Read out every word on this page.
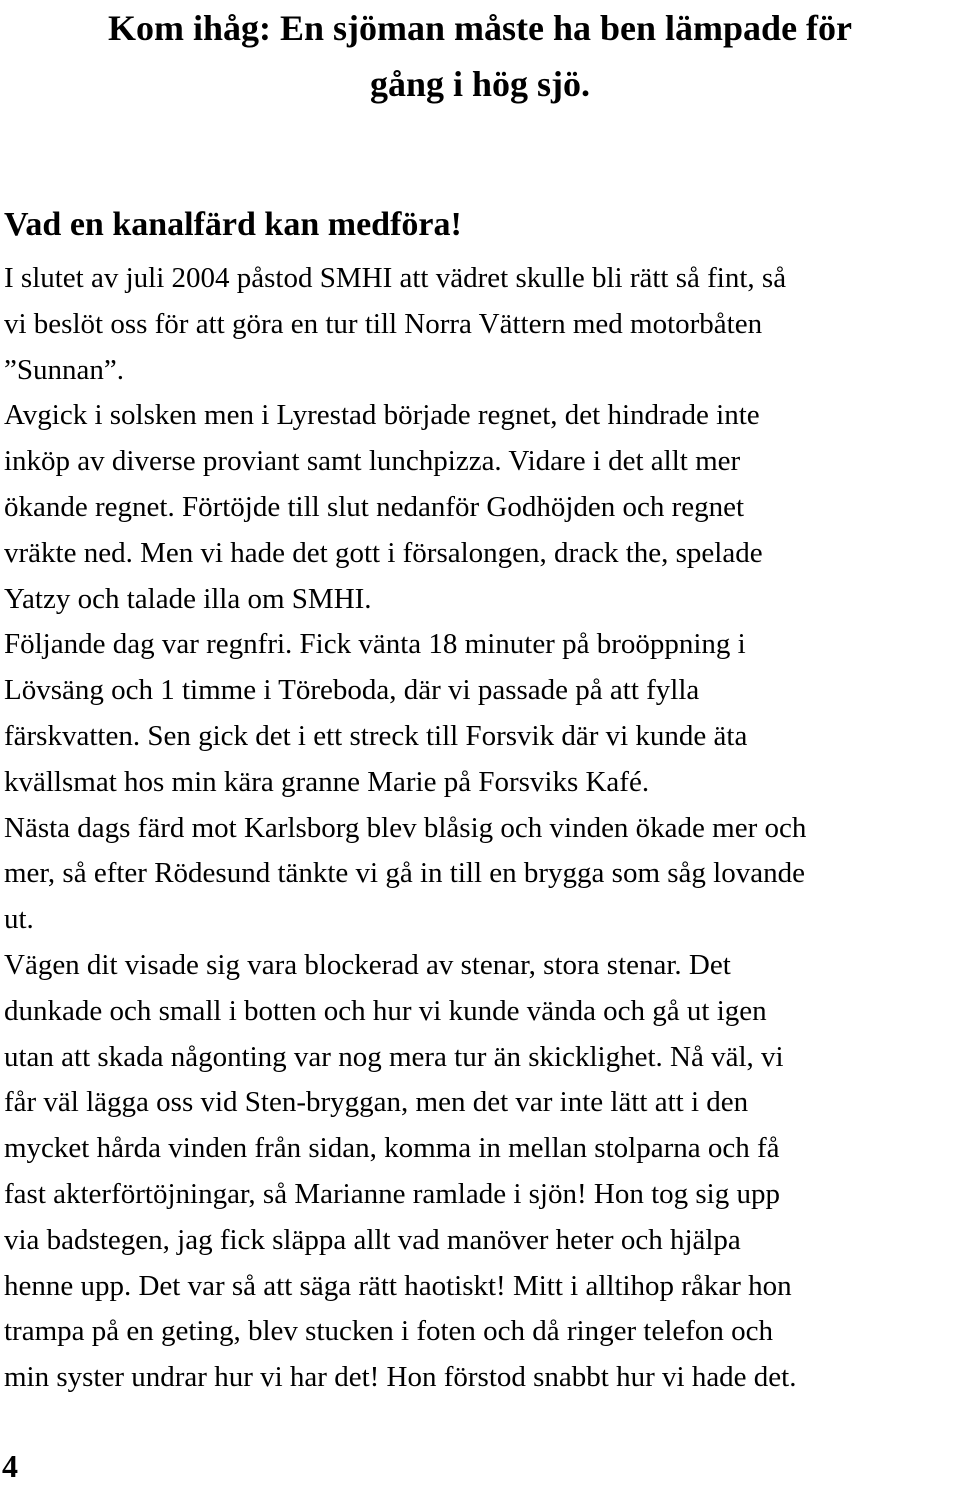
Kom ihåg: En sjöman måste ha ben lämpade för
gång i hög sjö.
Vad en kanalfärd kan medföra!
I slutet av juli 2004 påstod SMHI att vädret skulle bli rätt så fint, så
vi beslöt oss för att göra en tur till Norra Vättern med motorbåten
”Sunnan”.
Avgick i solsken men i Lyrestad började regnet, det hindrade inte
inköp av diverse proviant samt lunchpizza. Vidare i det allt mer
ökande regnet. Förtöjde till slut nedanför Godhöjden och regnet
vräkte ned. Men vi hade det gott i försalongen, drack the, spelade
Yatzy och talade illa om SMHI.
Följande dag var regnfri. Fick vänta 18 minuter på broöppning i
Lövsäng och 1 timme i Töreboda, där vi passade på att fylla
färskvatten. Sen gick det i ett streck till Forsvik där vi kunde äta
kvällsmat hos min kära granne Marie på Forsviks Kafé.
Nästa dags färd mot Karlsborg blev blåsig och vinden ökade mer och
mer, så efter Rödesund tänkte vi gå in till en brygga som såg lovande
ut.
Vägen dit visade sig vara blockerad av stenar, stora stenar. Det
dunkade och small i botten och hur vi kunde vända och gå ut igen
utan att skada någonting var nog mera tur än skicklighet. Nå väl, vi
får väl lägga oss vid Sten-bryggan, men det var inte lätt att i den
mycket hårda vinden från sidan, komma in mellan stolparna och få
fast akterförtöjningar, så Marianne ramlade i sjön! Hon tog sig upp
via badstegen, jag fick släppa allt vad manöver heter och hjälpa
henne upp. Det var så att säga rätt haotiskt! Mitt i alltihop råkar hon
trampa på en geting, blev stucken i foten och då ringer telefon och
min syster undrar hur vi har det! Hon förstod snabbt hur vi hade det.
4
